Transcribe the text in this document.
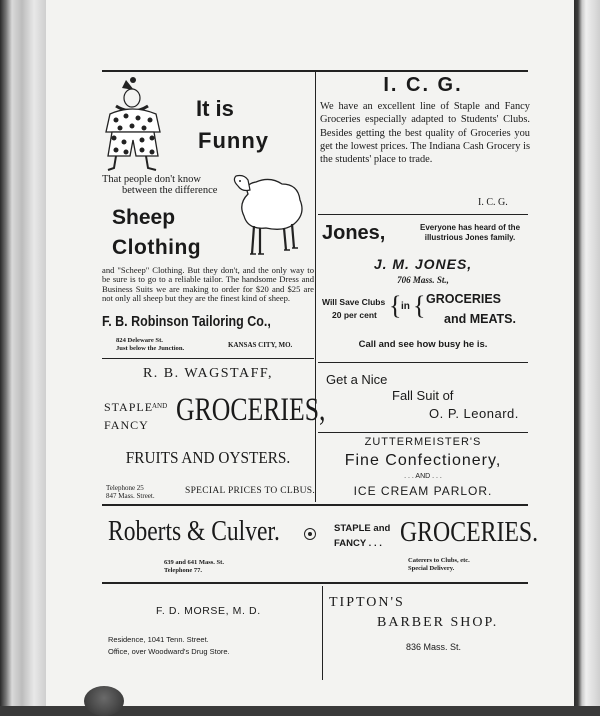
It is
Funny
That people don't know
between the difference
Sheep
Clothing
and "Scheep" Clothing. But they don't, and the only way to be sure is to go to a reliable tailor. The handsome Dress and Business Suits we are making to order for $20 and $25 are not only all sheep but they are the finest kind of sheep.
F. B. Robinson Tailoring Co.,
824 Deleware St.
Just below the Junction.	KANSAS CITY, MO.
I. C. G.
We have an excellent line of Staple and Fancy Groceries especially adapted to Students' Clubs. Besides getting the best quality of Groceries you get the lowest prices. The Indiana Cash Grocery is the students' place to trade.
I. C. G.
Jones,	Everyone has heard of the
illustrious Jones family.
J. M. JONES,
706 Mass. St.,
Will Save Clubs
20 per cent { in { GROCERIES
and MEATS.
Call and see how busy he is.
R. B. WAGSTAFF,
STAPLE
AND
FANCY GROCERIES,
FRUITS AND OYSTERS.
Telephone 25
847 Mass. Street.	SPECIAL PRICES TO CLBUS.
Get a Nice
Fall Suit of
O. P. Leonard.
ZUTTERMEISTER'S
Fine Confectionery,
. . . AND . . .
ICE CREAM PARLOR.
Roberts & Culver.
639 and 641 Mass. St.
Telephone 77.
STAPLE and
FANCY . . . GROCERIES.
Caterers to Clubs, etc.
Special Delivery.
F. D. MORSE, M. D.
Residence, 1041 Tenn. Street.
Office, over Woodward's Drug Store.
TIPTON'S
BARBER SHOP.
836 Mass. St.
